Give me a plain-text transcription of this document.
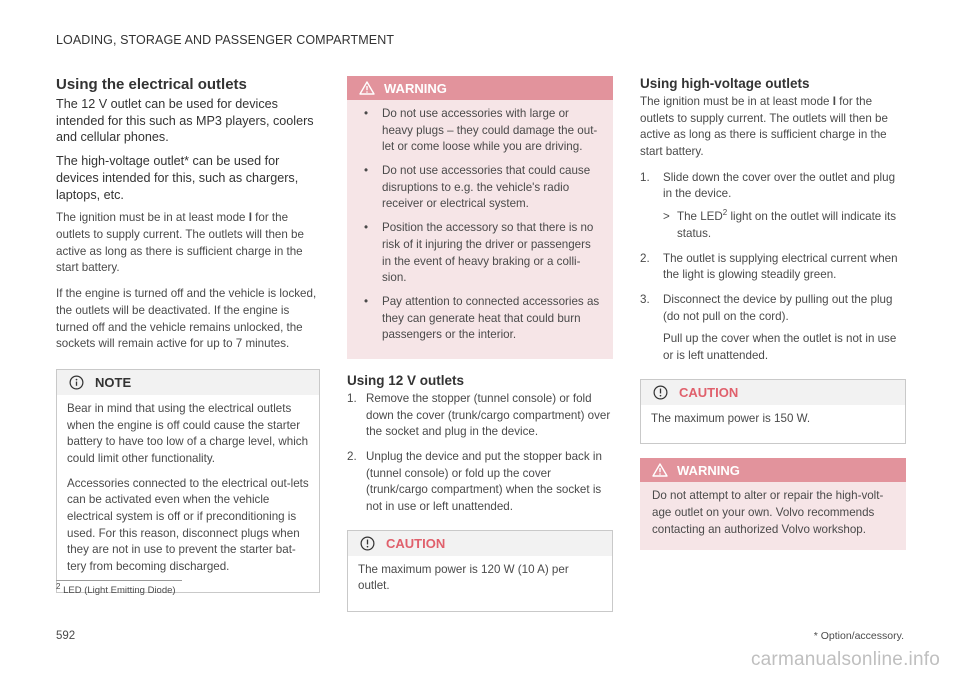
LOADING, STORAGE AND PASSENGER COMPARTMENT
Using the electrical outlets
The 12 V outlet can be used for devices intended for this such as MP3 players, coolers and cellular phones.
The high-voltage outlet* can be used for devices intended for this, such as chargers, laptops, etc.

The ignition must be in at least mode I for the outlets to supply current. The outlets will then be active as long as there is sufficient charge in the start battery.

If the engine is turned off and the vehicle is locked, the outlets will be deactivated. If the engine is turned off and the vehicle remains unlocked, the sockets will remain active for up to 7 minutes.

NOTE

Bear in mind that using the electrical outlets when the engine is off could cause the starter battery to have too low of a charge level, which could limit other functionality.

Accessories connected to the electrical out-lets can be activated even when the vehicle electrical system is off or if preconditioning is used. For this reason, disconnect plugs when they are not in use to prevent the starter bat-tery from becoming discharged.

WARNING
• Do not use accessories with large or heavy plugs – they could damage the out-let or come loose while you are driving.
• Do not use accessories that could cause disruptions to e.g. the vehicle's radio receiver or electrical system.
• Position the accessory so that there is no risk of it injuring the driver or passengers in the event of heavy braking or a colli-sion.
• Pay attention to connected accessories as they can generate heat that could burn passengers or the interior.
Using 12 V outlets
1. Remove the stopper (tunnel console) or fold down the cover (trunk/cargo compartment) over the socket and plug in the device.
2. Unplug the device and put the stopper back in (tunnel console) or fold up the cover (trunk/cargo compartment) when the socket is not in use or left unattended.
CAUTION

The maximum power is 120 W (10 A) per outlet.

Using high-voltage outlets

The ignition must be in at least mode I for the outlets to supply current. The outlets will then be active as long as there is sufficient charge in the start battery.

1. Slide down the cover over the outlet and plug in the device.
> The LED$^2$ light on the outlet will indicate its status.
2. The outlet is supplying electrical current when the light is glowing steadily green.
3. Disconnect the device by pulling out the plug (do not pull on the cord).
Pull up the cover when the outlet is not in use or is left unattended.
CAUTION

The maximum power is 150 W.

WARNING

Do not attempt to alter or repair the high-volt-age outlet on your own. Volvo recommends contacting an authorized Volvo workshop.

$^2$ LED (Light Emitting Diode)
592	* Option/accessory.
carmanualsonline.info
